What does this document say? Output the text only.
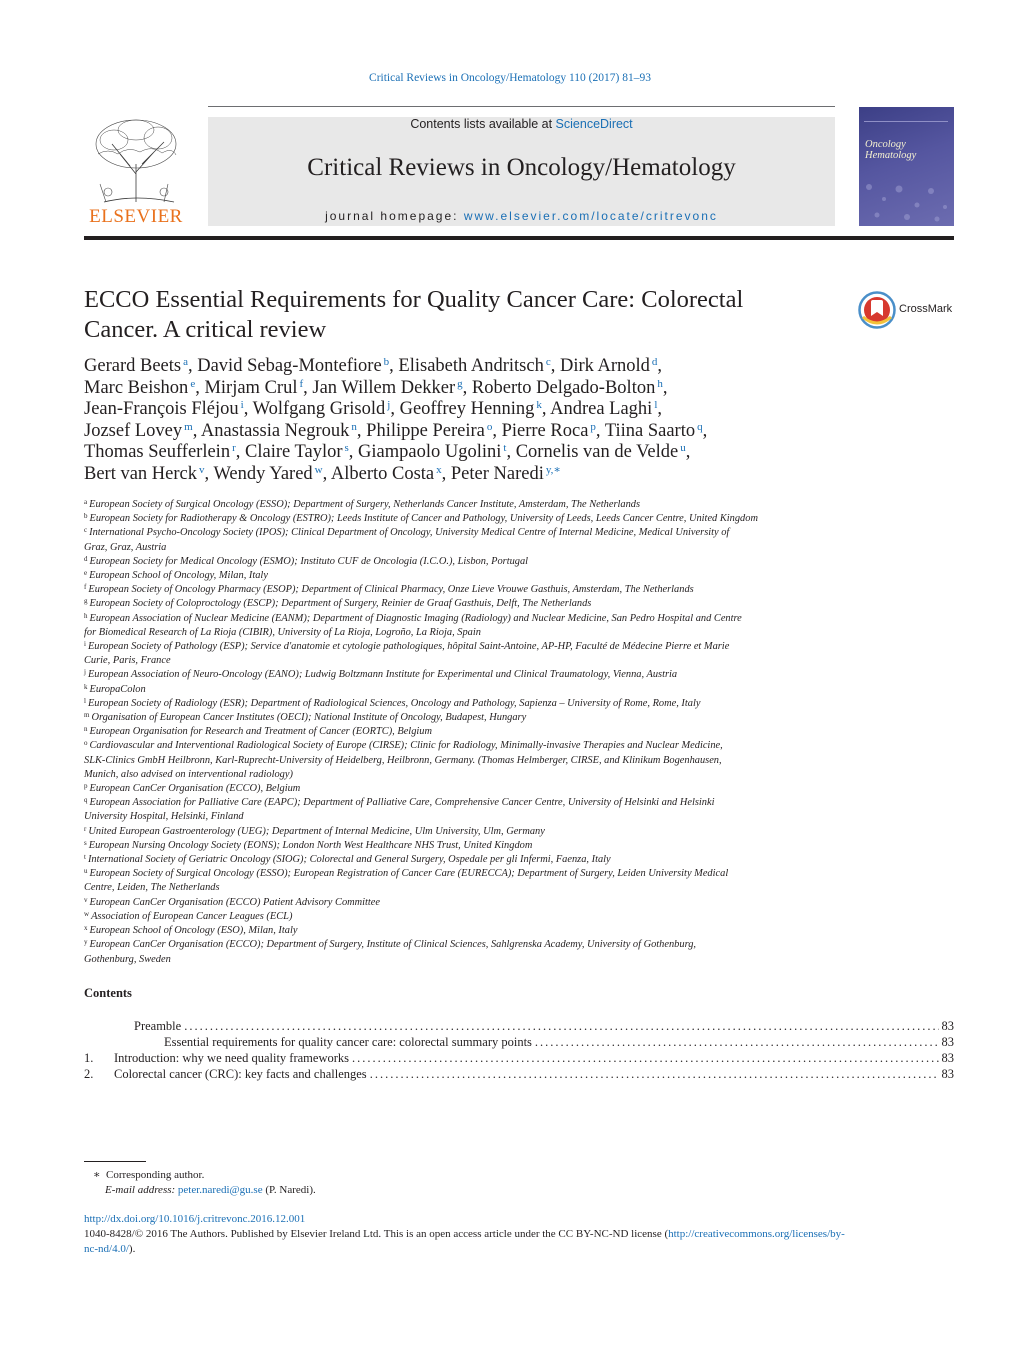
Critical Reviews in Oncology/Hematology 110 (2017) 81–93
ELSEVIER
Contents lists available at ScienceDirect
Critical Reviews in Oncology/Hematology
journal homepage: www.elsevier.com/locate/critrevonc
Oncology
Hematology
ECCO Essential Requirements for Quality Cancer Care: Colorectal Cancer. A critical review
CrossMark
Gerard Beets $^a$, David Sebag-Montefiore $^b$, Elisabeth Andritsch $^c$, Dirk Arnold $^d$,
Marc Beishon $^e$, Mirjam Crul $^f$, Jan Willem Dekker $^g$, Roberto Delgado-Bolton $^h$,
Jean-François Fléjou $^i$, Wolfgang Grisold $^j$, Geoffrey Henning $^k$, Andrea Laghi $^l$,
Jozsef Lovey $^m$, Anastassia Negrouk $^n$, Philippe Pereira $^o$, Pierre Roca $^p$, Tiina Saarto $^q$,
Thomas Seufferlein $^r$, Claire Taylor $^s$, Giampaolo Ugolini $^t$, Cornelis van de Velde $^u$,
Bert van Herck $^v$, Wendy Yared $^w$, Alberto Costa $^x$, Peter Naredi $^{y,∗}$
$^a$ European Society of Surgical Oncology (ESSO); Department of Surgery, Netherlands Cancer Institute, Amsterdam, The Netherlands
$^b$ European Society for Radiotherapy & Oncology (ESTRO); Leeds Institute of Cancer and Pathology, University of Leeds, Leeds Cancer Centre, United Kingdom
$^c$ International Psycho-Oncology Society (IPOS); Clinical Department of Oncology, University Medical Centre of Internal Medicine, Medical University of
Graz, Graz, Austria
$^d$ European Society for Medical Oncology (ESMO); Instituto CUF de Oncologia (I.C.O.), Lisbon, Portugal
$^e$ European School of Oncology, Milan, Italy
$^f$ European Society of Oncology Pharmacy (ESOP); Department of Clinical Pharmacy, Onze Lieve Vrouwe Gasthuis, Amsterdam, The Netherlands
$^g$ European Society of Coloproctology (ESCP); Department of Surgery, Reinier de Graaf Gasthuis, Delft, The Netherlands
$^h$ European Association of Nuclear Medicine (EANM); Department of Diagnostic Imaging (Radiology) and Nuclear Medicine, San Pedro Hospital and Centre
for Biomedical Research of La Rioja (CIBIR), University of La Rioja, Logroño, La Rioja, Spain
$^i$ European Society of Pathology (ESP); Service d'anatomie et cytologie pathologiques, hôpital Saint-Antoine, AP-HP, Faculté de Médecine Pierre et Marie
Curie, Paris, France
$^j$ European Association of Neuro-Oncology (EANO); Ludwig Boltzmann Institute for Experimental und Clinical Traumatology, Vienna, Austria
$^k$ EuropaColon
$^l$ European Society of Radiology (ESR); Department of Radiological Sciences, Oncology and Pathology, Sapienza – University of Rome, Rome, Italy
$^m$ Organisation of European Cancer Institutes (OECI); National Institute of Oncology, Budapest, Hungary
$^n$ European Organisation for Research and Treatment of Cancer (EORTC), Belgium
$^o$ Cardiovascular and Interventional Radiological Society of Europe (CIRSE); Clinic for Radiology, Minimally-invasive Therapies and Nuclear Medicine,
SLK-Clinics GmbH Heilbronn, Karl-Ruprecht-University of Heidelberg, Heilbronn, Germany. (Thomas Helmberger, CIRSE, and Klinikum Bogenhausen,
Munich, also advised on interventional radiology)
$^p$ European CanCer Organisation (ECCO), Belgium
$^q$ European Association for Palliative Care (EAPC); Department of Palliative Care, Comprehensive Cancer Centre, University of Helsinki and Helsinki
University Hospital, Helsinki, Finland
$^r$ United European Gastroenterology (UEG); Department of Internal Medicine, Ulm University, Ulm, Germany
$^s$ European Nursing Oncology Society (EONS); London North West Healthcare NHS Trust, United Kingdom
$^t$ International Society of Geriatric Oncology (SIOG); Colorectal and General Surgery, Ospedale per gli Infermi, Faenza, Italy
$^u$ European Society of Surgical Oncology (ESSO); European Registration of Cancer Care (EURECCA); Department of Surgery, Leiden University Medical
Centre, Leiden, The Netherlands
$^v$ European CanCer Organisation (ECCO) Patient Advisory Committee
$^w$ Association of European Cancer Leagues (ECL)
$^x$ European School of Oncology (ESO), Milan, Italy
$^y$ European CanCer Organisation (ECCO); Department of Surgery, Institute of Clinical Sciences, Sahlgrenska Academy, University of Gothenburg,
Gothenburg, Sweden
Contents
Preamble .....	83
Essential requirements for quality cancer care: colorectal summary points .....	83
1.	Introduction: why we need quality frameworks .....	83
2.	Colorectal cancer (CRC): key facts and challenges .....	83
∗ Corresponding author.
E-mail address: peter.naredi@gu.se (P. Naredi).
http://dx.doi.org/10.1016/j.critrevonc.2016.12.001
1040-8428/© 2016 The Authors. Published by Elsevier Ireland Ltd. This is an open access article under the CC BY-NC-ND license (http://creativecommons.org/licenses/by-
nc-nd/4.0/).
